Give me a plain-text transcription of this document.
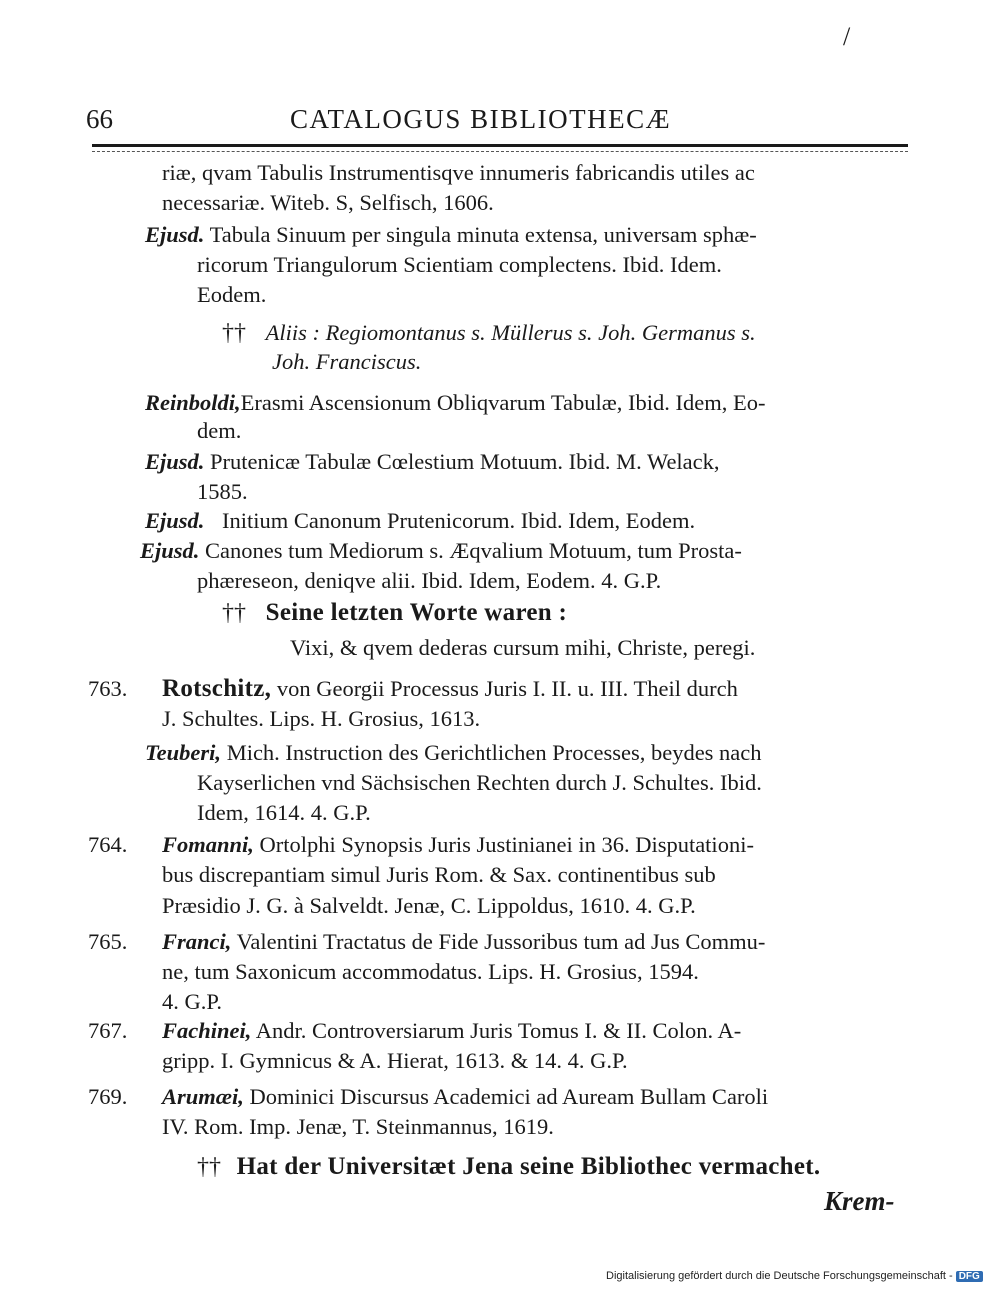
/
66	CATALOGUS BIBLIOTHECÆ
riæ, qvam Tabulis Instrumentisqve innumeris fabricandis utiles ac
necessariæ. Witeb. S, Selfisch, 1606.
Ejusd. Tabula Sinuum per singula minuta extensa, universam sphæ-
ricorum Triangulorum Scientiam complectens. Ibid. Idem.
Eodem.
†† Aliis : Regiomontanus s. Müllerus s. Joh. Germanus s.
Joh. Franciscus.
Reinboldi,Erasmi Ascensionum Obliqvarum Tabulæ, Ibid. Idem, Eo-
dem.
Ejusd. Prutenicæ Tabulæ Cœlestium Motuum. Ibid. M. Welack,
1585.
Ejusd. Initium Canonum Prutenicorum. Ibid. Idem, Eodem.
Ejusd. Canones tum Mediorum s. Æqvalium Motuum, tum Prosta-
phæreseon, deniqve alii. Ibid. Idem, Eodem. 4. G.P.
†† Seine letzten Worte waren :
Vixi, & qvem dederas cursum mihi, Christe, peregi.
763. Rotschitz, von Georgii Processus Juris I. II. u. III. Theil durch
J. Schultes. Lips. H. Grosius, 1613.
Teuberi, Mich. Instruction des Gerichtlichen Processes, beydes nach
Kayserlichen vnd Sächsischen Rechten durch J. Schultes. Ibid.
Idem, 1614. 4. G.P.
764. Fomanni, Ortolphi Synopsis Juris Justinianei in 36. Disputationi-
bus discrepantiam simul Juris Rom. & Sax. continentibus sub
Præsidio J. G. à Salveldt. Jenæ, C. Lippoldus, 1610. 4. G.P.
765. Franci, Valentini Tractatus de Fide Jussoribus tum ad Jus Commu-
ne, tum Saxonicum accommodatus. Lips. H. Grosius, 1594.
4. G.P.
767. Fachinei, Andr. Controversiarum Juris Tomus I. & II. Colon. A-
gripp. I. Gymnicus & A. Hierat, 1613. & 14. 4. G.P.
769. Arumæi, Dominici Discursus Academici ad Auream Bullam Caroli
IV. Rom. Imp. Jenæ, T. Steinmannus, 1619.
†† Hat der Universitæt Jena seine Bibliothec vermachet.
Krem-
Digitalisierung gefördert durch die Deutsche Forschungsgemeinschaft - DFG
